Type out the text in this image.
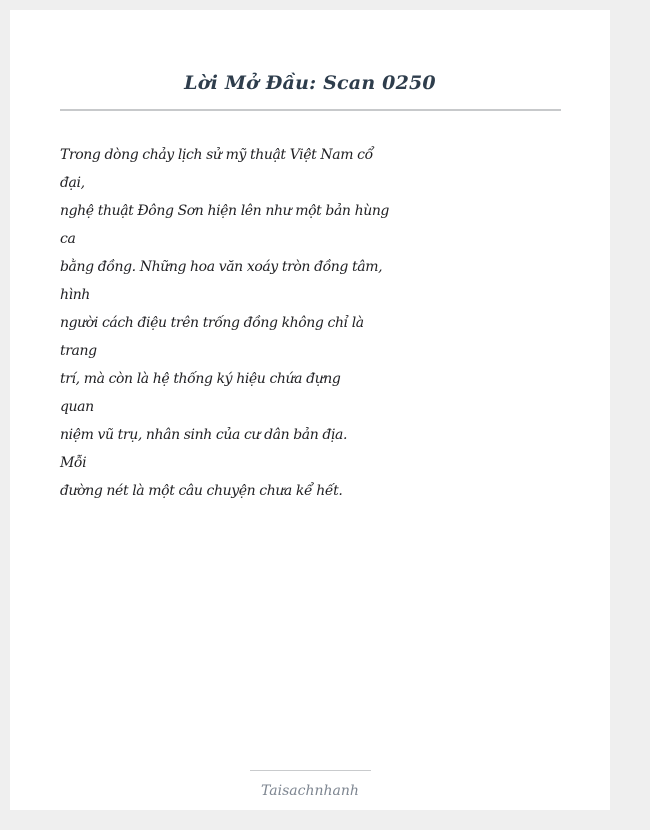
Lời Mở Đầu: Scan 0250
Trong dòng chảy lịch sử mỹ thuật Việt Nam cổ
đại,
nghệ thuật Đông Sơn hiện lên như một bản hùng
ca
bằng đồng. Những hoa văn xoáy tròn đồng tâm,
hình
người cách điệu trên trống đồng không chỉ là
trang
trí, mà còn là hệ thống ký hiệu chứa đựng
quan
niệm vũ trụ, nhân sinh của cư dân bản địa.
Mỗi
đường nét là một câu chuyện chưa kể hết.
Taisachnhanh
